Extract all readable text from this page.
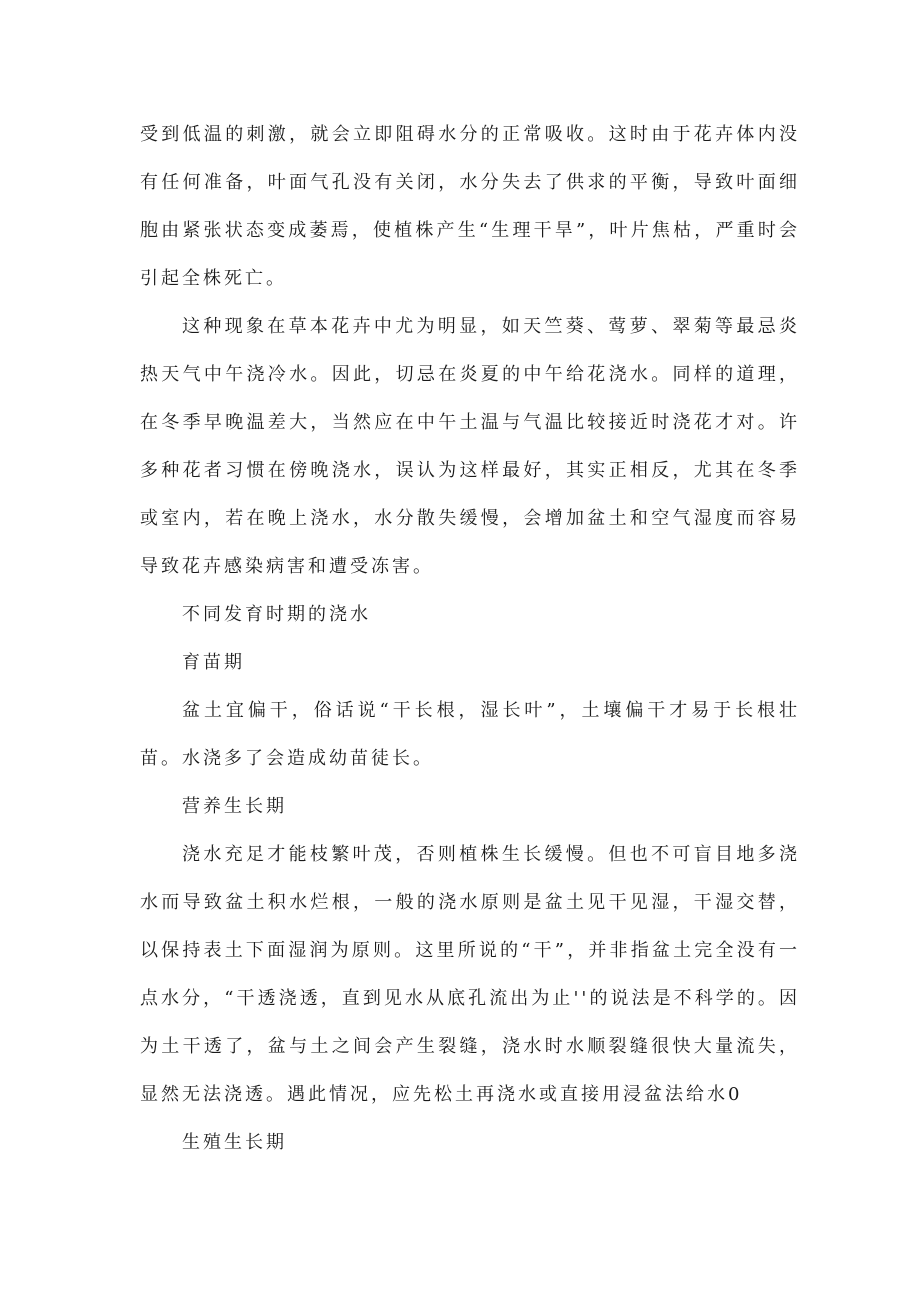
受到低温的刺激，就会立即阻碍水分的正常吸收。这时由于花卉体内没有任何准备，叶面气孔没有关闭，水分失去了供求的平衡，导致叶面细胞由紧张状态变成萎焉，使植株产生“生理干旱”，叶片焦枯，严重时会引起全株死亡。

这种现象在草本花卉中尤为明显，如天竺葵、莺萝、翠菊等最忌炎热天气中午浇冷水。因此，切忌在炎夏的中午给花浇水。同样的道理，在冬季早晚温差大，当然应在中午土温与气温比较接近时浇花才对。许多种花者习惯在傍晚浇水，误认为这样最好，其实正相反，尤其在冬季或室内，若在晚上浇水，水分散失缓慢，会增加盆土和空气湿度而容易导致花卉感染病害和遭受冻害。

不同发育时期的浇水

育苗期

盆土宜偏干，俗话说“干长根，湿长叶”，土壤偏干才易于长根壮苗。水浇多了会造成幼苗徒长。

营养生长期

浇水充足才能枝繁叶茂，否则植株生长缓慢。但也不可盲目地多浇水而导致盆土积水烂根，一般的浇水原则是盆土见干见湿，干湿交替，以保持表土下面湿润为原则。这里所说的“干”，并非指盆土完全没有一点水分，“干透浇透，直到见水从底孔流出为止''的说法是不科学的。因为土干透了，盆与土之间会产生裂缝，浇水时水顺裂缝很快大量流失，显然无法浇透。遇此情况，应先松土再浇水或直接用浸盆法给水0

生殖生长期
